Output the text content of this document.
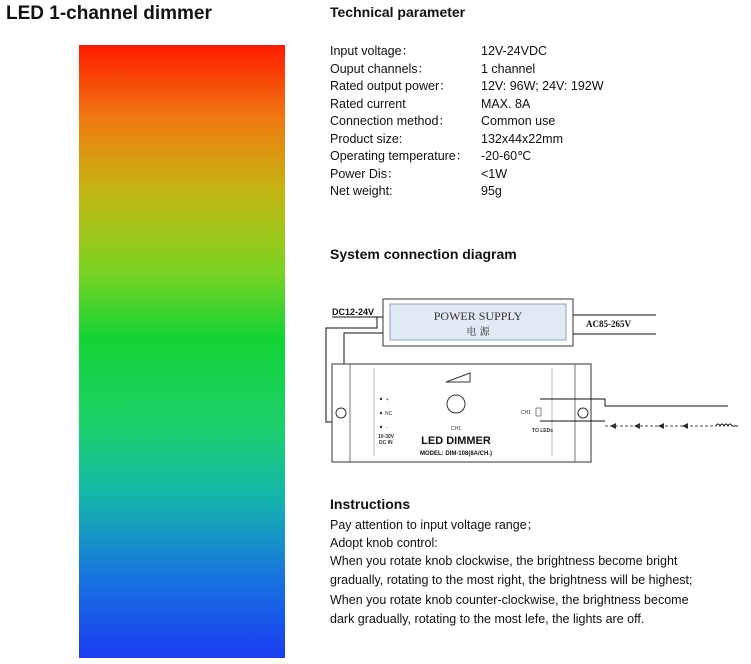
LED 1-channel dimmer	Technical parameter
Input voltage：	12V-24VDC
Ouput channels：	1 channel
Rated output power：	12V: 96W; 24V: 192W
Rated current	MAX. 8A
Connection method：	Common use
Product size:	132x44x22mm
Operating temperature：	-20-60℃
Power Dis：	<1W
Net weight:	95g
System connection diagram
POWER SUPPLY
电 源
DC12-24V
AC85-265V
CH1
LED DIMMER
MODEL: DIM-108(8A/CH.)
+
NC
-
10-30V
DC IN
CH1
TO LEDs
Instructions
Pay attention to input voltage range；
Adopt knob control:
When you rotate knob clockwise, the brightness become bright
gradually, rotating to the most right, the brightness will be highest;
When you rotate knob counter-clockwise, the brightness become
dark gradually, rotating to the most lefe, the lights are off.
